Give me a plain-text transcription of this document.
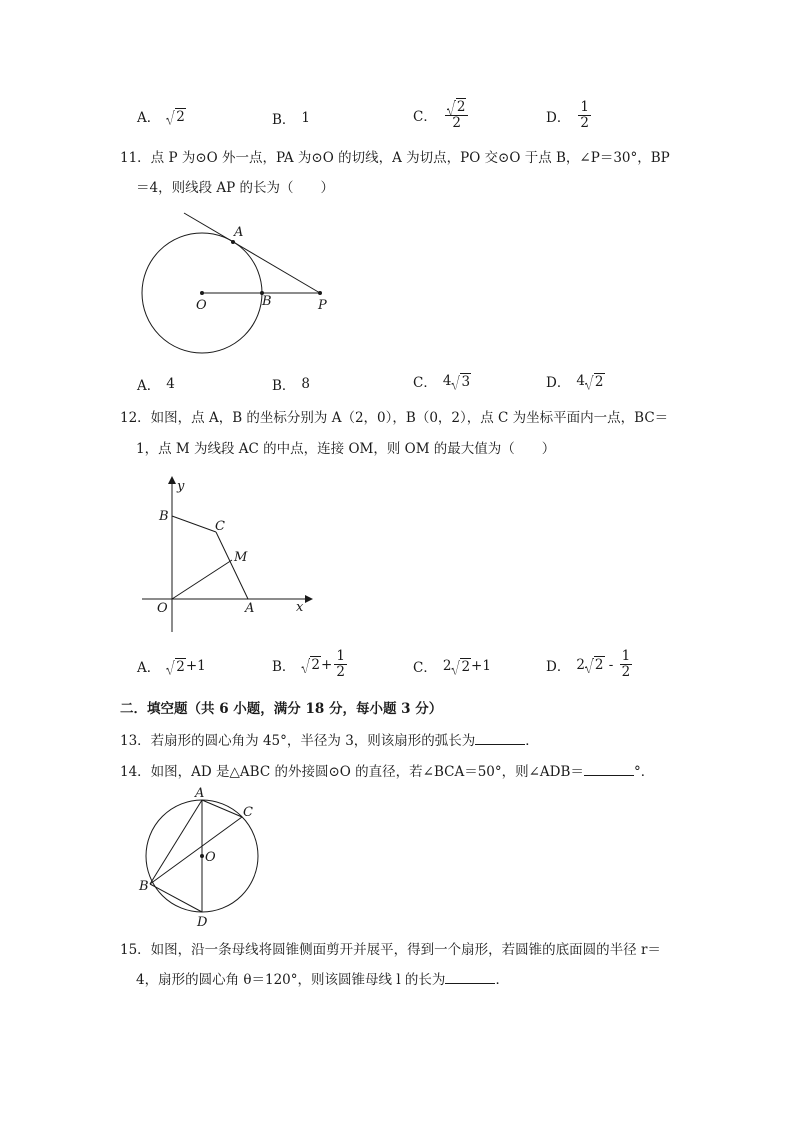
A．	2	B． 1	C． $\frac{2}{2}$	D． $\frac{1}{2}$
11．点 P 为⊙O 外一点，PA 为⊙O 的切线，A 为切点，PO 交⊙O 于点 B，∠P＝30°，BP
＝4，则线段 AP 的长为（　　）
A
O	B	P
A． 4	B． 8	C． 4 3	D． 4 2
12．如图，点 A，B 的坐标分别为 A（2，0），B（0，2），点 C 为坐标平面内一点，BC＝
1，点 M 为线段 AC 的中点，连接 OM，则 OM 的最大值为（　　）
y
x
B
C
M
O	A
A．	2 +1	B．	$2 + \frac{1}{2}$	C． 2 2 +1	D． 2 $2 - \frac{1}{2}$
二．填空题（共 6 小题，满分 18 分，每小题 3 分）
13．若扇形的圆心角为 45°，半径为 3，则该扇形的弧长为	．
14．如图，AD 是△ABC 的外接圆⊙O 的直径，若∠BCA＝50°，则∠ADB＝	°．
A
C
O
B
D
15．如图，沿一条母线将圆锥侧面剪开并展平，得到一个扇形，若圆锥的底面圆的半径 r＝
4，扇形的圆心角 θ＝120°，则该圆锥母线 l 的长为	．
